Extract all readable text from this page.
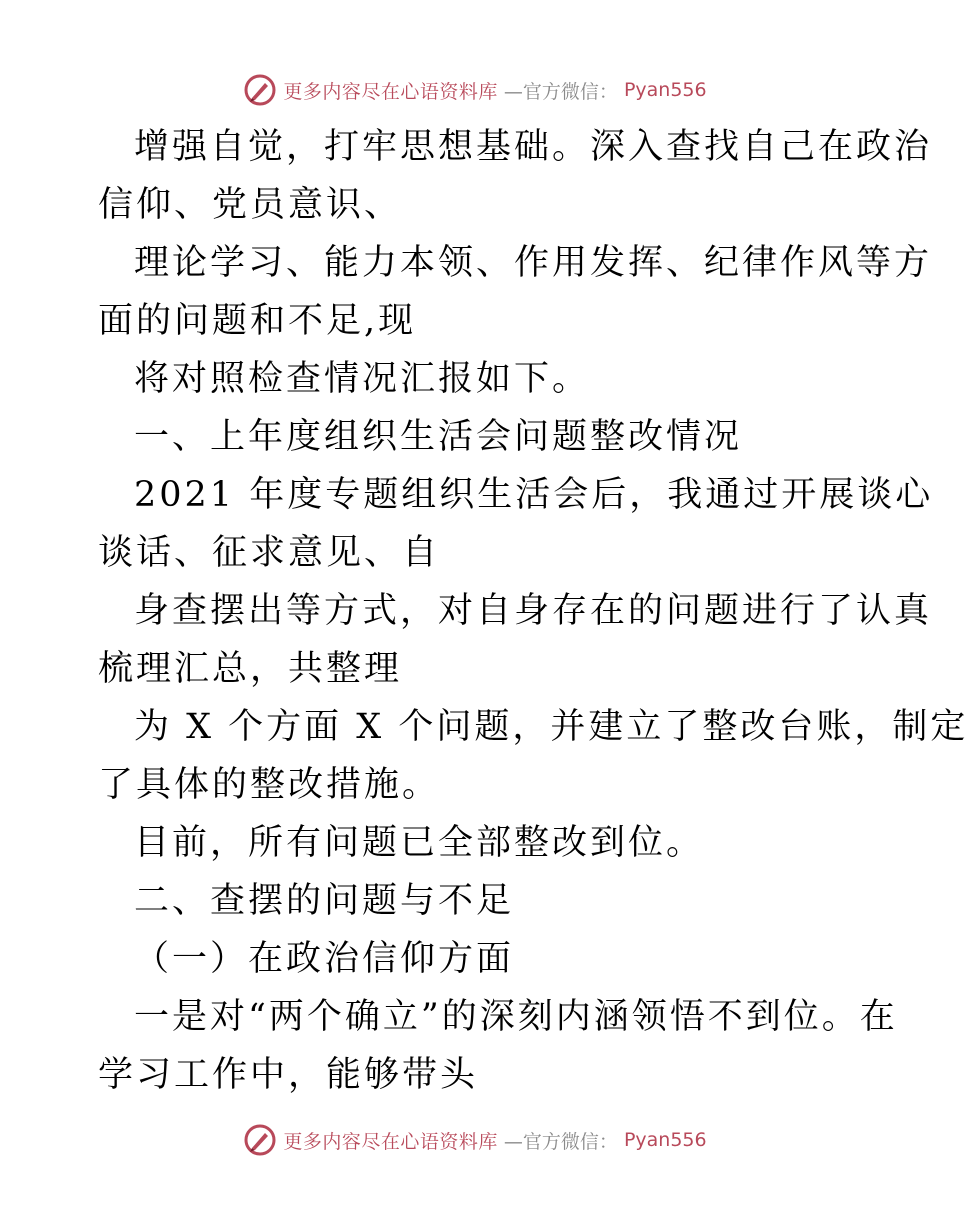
更多内容尽在心语资料库 —官方微信： Pyan556
增强自觉，打牢思想基础。深入查找自己在政治
信仰、党员意识、
理论学习、能力本领、作用发挥、纪律作风等方
面的问题和不足,现
将对照检查情况汇报如下。
一、上年度组织生活会问题整改情况
2021 年度专题组织生活会后，我通过开展谈心
谈话、征求意见、自
身查摆出等方式，对自身存在的问题进行了认真
梳理汇总，共整理
为 X 个方面 X 个问题，并建立了整改台账，制定
了具体的整改措施。
目前，所有问题已全部整改到位。
二、查摆的问题与不足
（一）在政治信仰方面
一是对“两个确立”的深刻内涵领悟不到位。在
学习工作中，能够带头
更多内容尽在心语资料库 —官方微信： Pyan556
